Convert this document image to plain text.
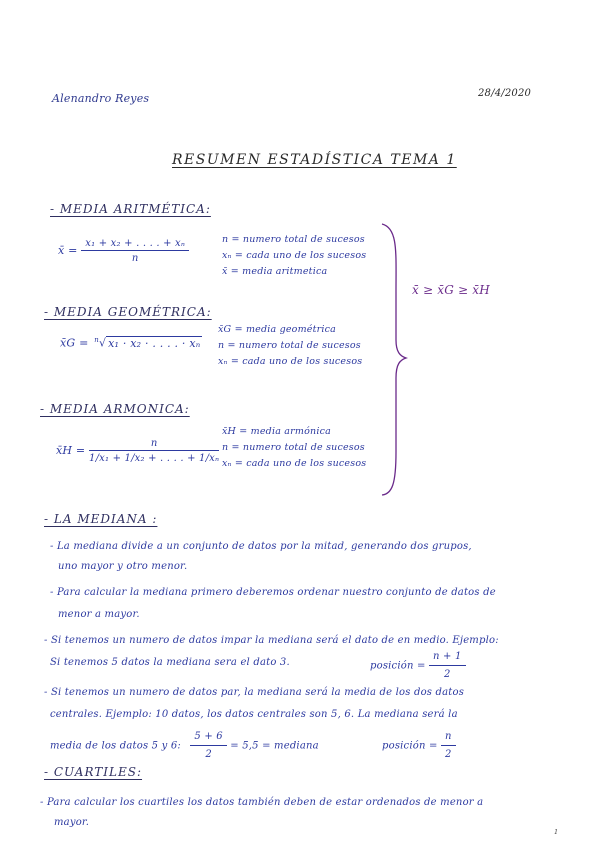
Alenandro Reyes	28/4/2020
RESUMEN ESTADÍSTICA TEMA 1
- MEDIA ARITMÉTICA:
x̄ = $\frac{\text{x₁ + x₂ + . . . . + xₙ}}{n}$	n = numero total de sucesos
xₙ = cada uno de los sucesos
x̄ = media aritmetica
- MEDIA GEOMÉTRICA:
x̄G = $^n$√ x₁ · x₂ · . . . . · xₙ
x̄G = media geométrica
n = numero total de sucesos
xₙ = cada uno de los sucesos
- MEDIA ARMONICA:
x̄H = $\frac{n}{\text{1/x₁ + 1/x₂ + . . . . + 1/xₙ}}$
x̄H = media armónica
n = numero total de sucesos
xₙ = cada uno de los sucesos
x̄ ≥ x̄G ≥ x̄H
- LA MEDIANA :
- La mediana divide a un conjunto de datos por la mitad, generando dos grupos,
uno mayor y otro menor.
- Para calcular la mediana primero deberemos ordenar nuestro conjunto de datos de
menor a mayor.
- Si tenemos un numero de datos impar la mediana será el dato de en medio. Ejemplo:
Si tenemos 5 datos la mediana sera el dato 3.	posición = $\frac{n + 1}{2}$
- Si tenemos un numero de datos par, la mediana será la media de los dos datos
centrales. Ejemplo: 10 datos, los datos centrales son 5, 6. La mediana será la
media de los datos 5 y 6: $\frac{5 + 6}{2} = 5,5$ = mediana	posición = $\frac{n}{2}$
- CUARTILES:
- Para calcular los cuartiles los datos también deben de estar ordenados de menor a
mayor.
1
